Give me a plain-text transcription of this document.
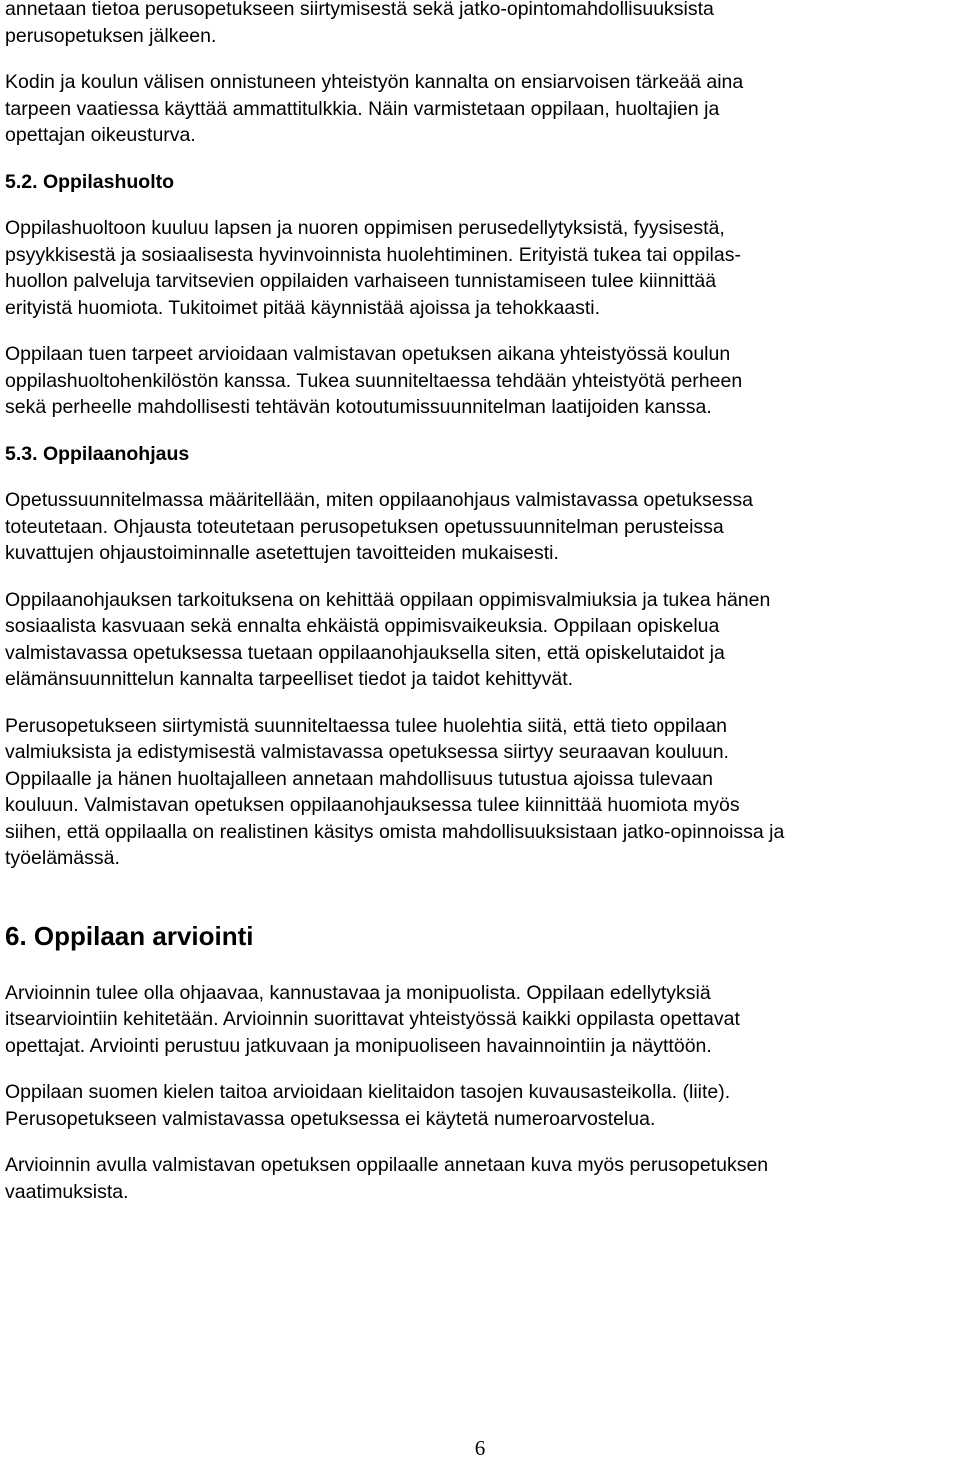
annetaan tietoa perusopetukseen siirtymisestä sekä jatko-opintomahdollisuuksista
perusopetuksen jälkeen.
Kodin ja koulun välisen onnistuneen yhteistyön kannalta on ensiarvoisen tärkeää aina
tarpeen vaatiessa käyttää ammattitulkkia. Näin varmistetaan oppilaan, huoltajien ja
opettajan oikeusturva.
5.2. Oppilashuolto
Oppilashuoltoon kuuluu lapsen ja nuoren oppimisen perusedellytyksistä, fyysisestä,
psyykkisestä ja sosiaalisesta hyvinvoinnista huolehtiminen. Erityistä tukea tai oppilas-
huollon palveluja tarvitsevien oppilaiden varhaiseen tunnistamiseen tulee kiinnittää
erityistä huomiota. Tukitoimet pitää käynnistää ajoissa ja tehokkaasti.
Oppilaan tuen tarpeet arvioidaan valmistavan opetuksen aikana yhteistyössä koulun
oppilashuoltohenkilöstön kanssa. Tukea suunniteltaessa tehdään yhteistyötä perheen
sekä perheelle mahdollisesti tehtävän kotoutumissuunnitelman laatijoiden kanssa.
5.3. Oppilaanohjaus
Opetussuunnitelmassa määritellään, miten oppilaanohjaus valmistavassa opetuksessa
toteutetaan. Ohjausta toteutetaan perusopetuksen opetussuunnitelman perusteissa
kuvattujen ohjaustoiminnalle asetettujen tavoitteiden mukaisesti.
Oppilaanohjauksen tarkoituksena on kehittää oppilaan oppimisvalmiuksia ja tukea hänen
sosiaalista kasvuaan sekä ennalta ehkäistä oppimisvaikeuksia. Oppilaan opiskelua
valmistavassa opetuksessa tuetaan oppilaanohjauksella siten, että opiskelutaidot ja
elämänsuunnittelun kannalta tarpeelliset tiedot ja taidot kehittyvät.
Perusopetukseen siirtymistä suunniteltaessa tulee huolehtia siitä, että tieto oppilaan
valmiuksista ja edistymisestä valmistavassa opetuksessa siirtyy seuraavan kouluun.
Oppilaalle ja hänen huoltajalleen annetaan mahdollisuus tutustua ajoissa tulevaan
kouluun. Valmistavan opetuksen oppilaanohjauksessa tulee kiinnittää huomiota myös
siihen, että oppilaalla on realistinen käsitys omista mahdollisuuksistaan jatko-opinnoissa ja
työelämässä.
6. Oppilaan arviointi
Arvioinnin tulee olla ohjaavaa, kannustavaa ja monipuolista. Oppilaan edellytyksiä
itsearviointiin kehitetään. Arvioinnin suorittavat yhteistyössä kaikki oppilasta opettavat
opettajat. Arviointi perustuu jatkuvaan ja monipuoliseen havainnointiin ja näyttöön.
Oppilaan suomen kielen taitoa arvioidaan kielitaidon tasojen kuvausasteikolla. (liite).
Perusopetukseen valmistavassa opetuksessa ei käytetä numeroarvostelua.
Arvioinnin avulla valmistavan opetuksen oppilaalle annetaan kuva myös perusopetuksen
vaatimuksista.
6
